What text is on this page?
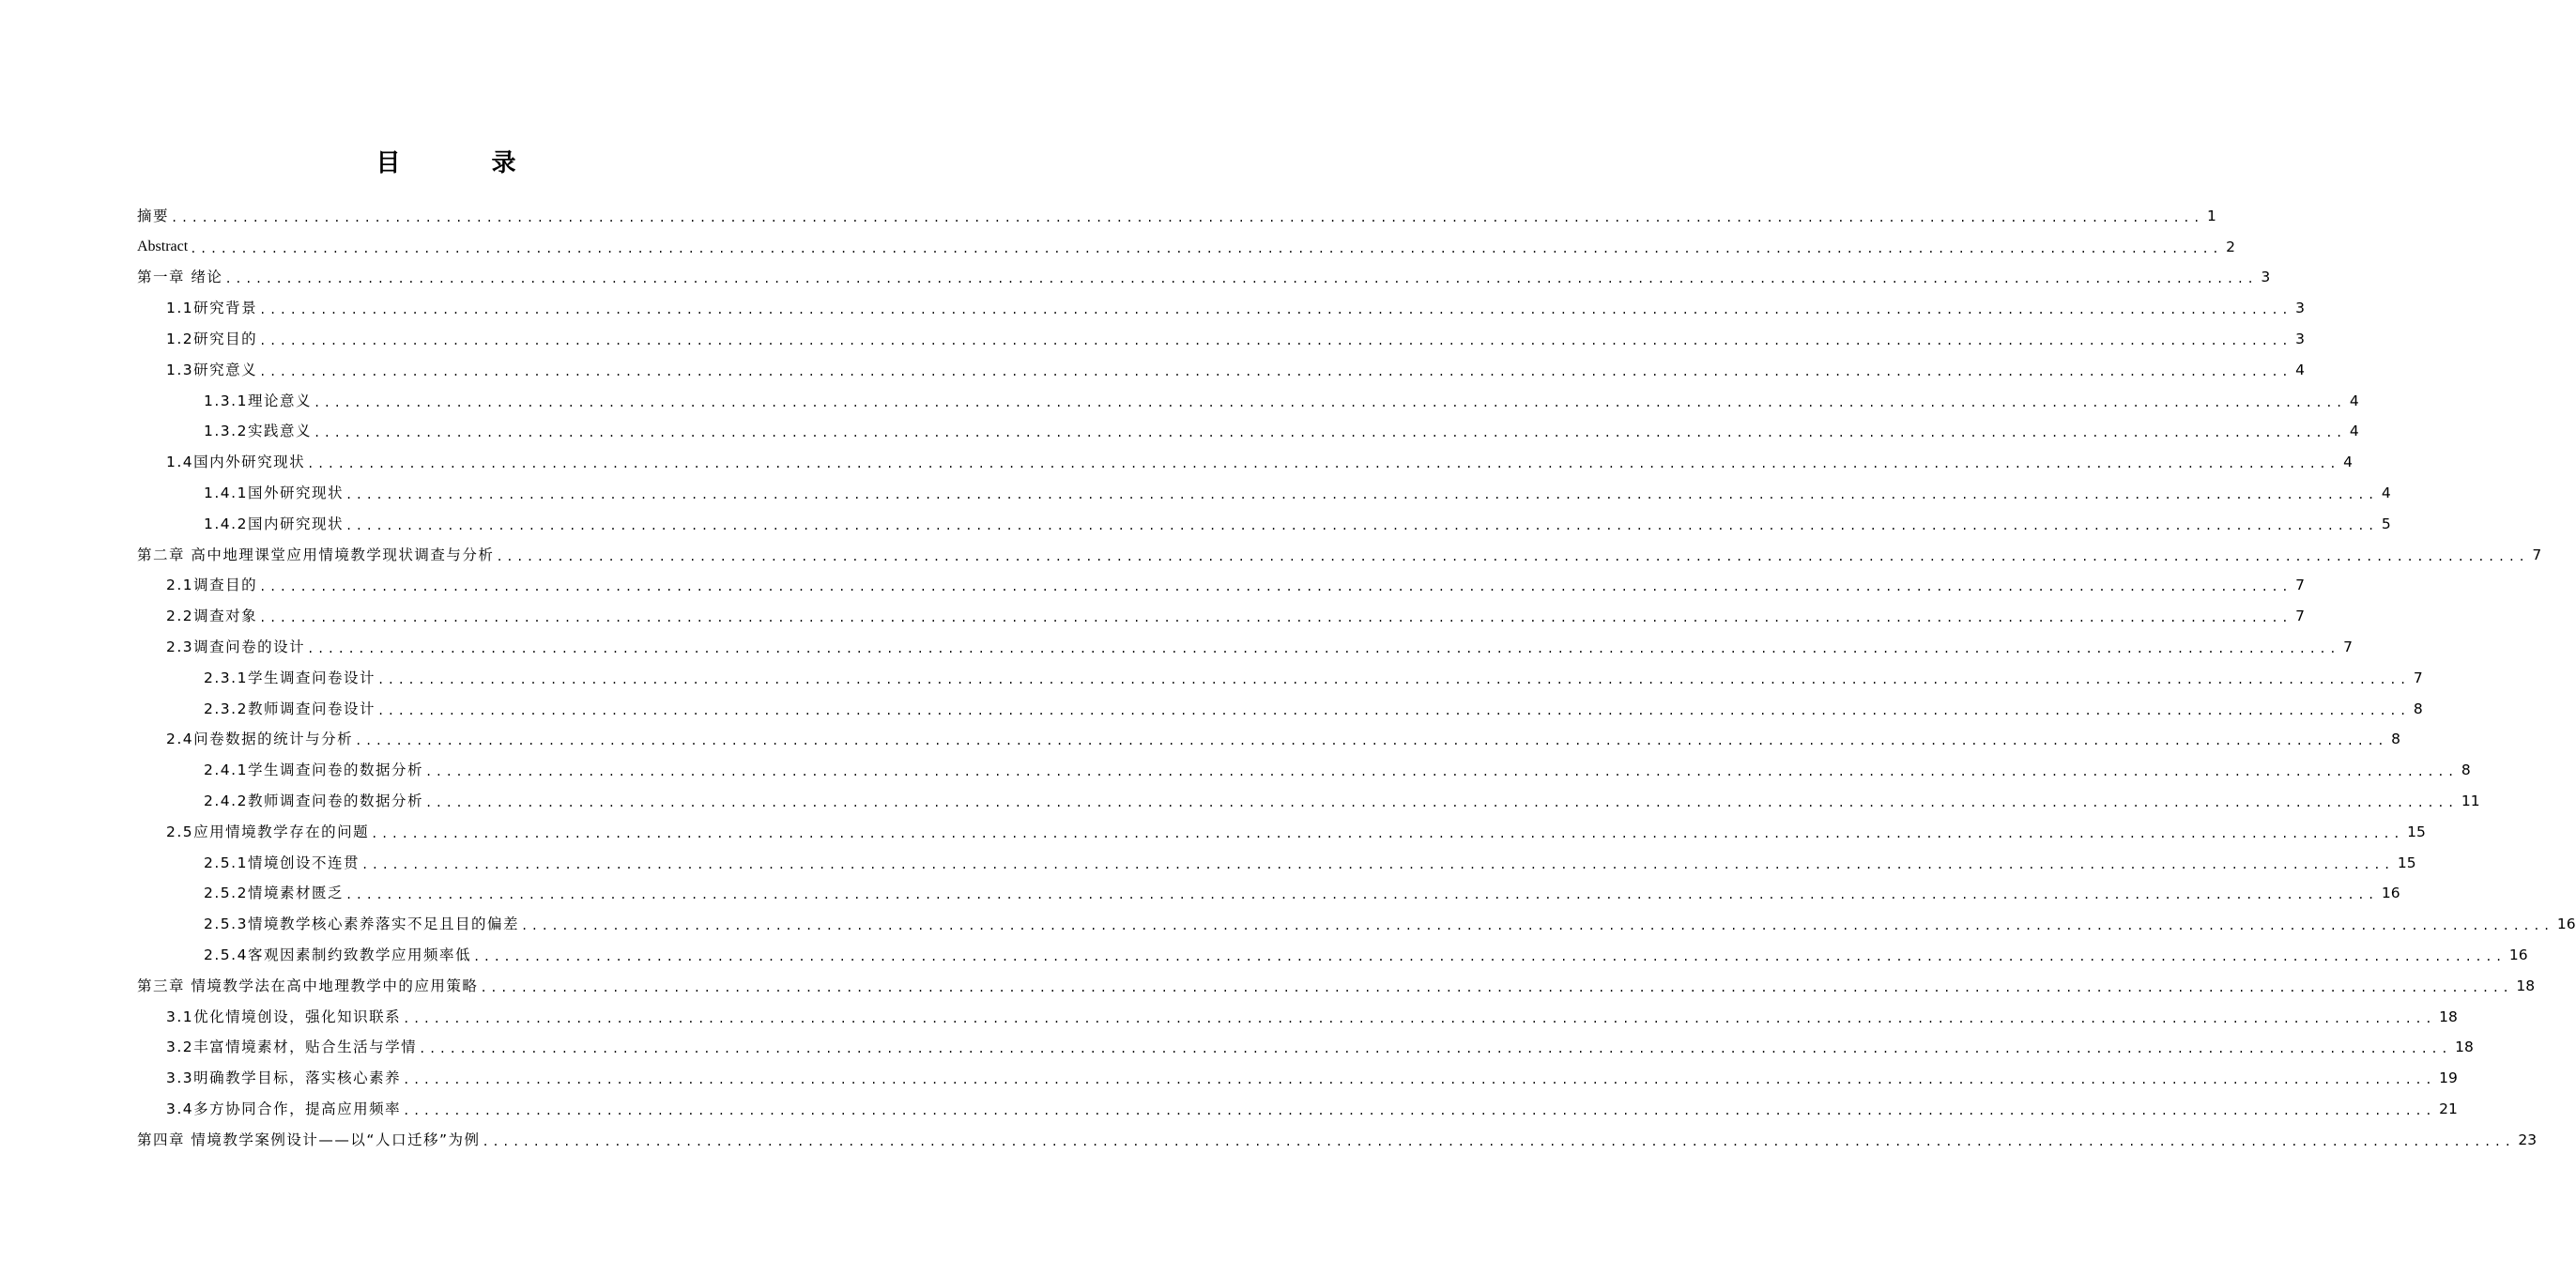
目 录
摘要 ........................................................................................................................................................................................................ 1
Abstract ........................................................................................................................................................................................................ 2
第一章 绪论 ........................................................................................................................................................................................................ 3
1.1研究背景 ........................................................................................................................................................................................................ 3
1.2研究目的 ........................................................................................................................................................................................................ 3
1.3研究意义 ........................................................................................................................................................................................................ 4
1.3.1理论意义 ........................................................................................................................................................................................................ 4
1.3.2实践意义 ........................................................................................................................................................................................................ 4
1.4国内外研究现状 ........................................................................................................................................................................................................ 4
1.4.1国外研究现状 ........................................................................................................................................................................................................ 4
1.4.2国内研究现状 ........................................................................................................................................................................................................ 5
第二章 高中地理课堂应用情境教学现状调查与分析 ........................................................................................................................................................................................................ 7
2.1调查目的 ........................................................................................................................................................................................................ 7
2.2调查对象 ........................................................................................................................................................................................................ 7
2.3调查问卷的设计 ........................................................................................................................................................................................................ 7
2.3.1学生调查问卷设计 ........................................................................................................................................................................................................ 7
2.3.2教师调查问卷设计 ........................................................................................................................................................................................................ 8
2.4问卷数据的统计与分析 ........................................................................................................................................................................................................ 8
2.4.1学生调查问卷的数据分析 ........................................................................................................................................................................................................ 8
2.4.2教师调查问卷的数据分析 ........................................................................................................................................................................................................ 11
2.5应用情境教学存在的问题 ........................................................................................................................................................................................................ 15
2.5.1情境创设不连贯 ........................................................................................................................................................................................................ 15
2.5.2情境素材匮乏 ........................................................................................................................................................................................................ 16
2.5.3情境教学核心素养落实不足且目的偏差 ........................................................................................................................................................................................................ 16
2.5.4客观因素制约致教学应用频率低 ........................................................................................................................................................................................................ 16
第三章 情境教学法在高中地理教学中的应用策略 ........................................................................................................................................................................................................ 18
3.1优化情境创设，强化知识联系 ........................................................................................................................................................................................................ 18
3.2丰富情境素材，贴合生活与学情 ........................................................................................................................................................................................................ 18
3.3明确教学目标，落实核心素养 ........................................................................................................................................................................................................ 19
3.4多方协同合作，提高应用频率 ........................................................................................................................................................................................................ 21
第四章 情境教学案例设计——以“人口迁移”为例 ........................................................................................................................................................................................................ 23
